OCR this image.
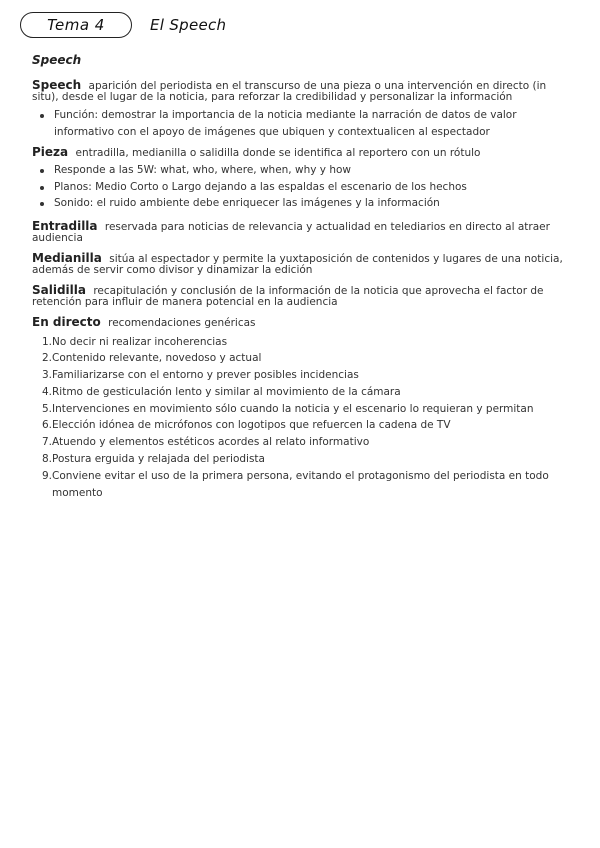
Tema 4	El Speech
Speech

Speech aparición del periodista en el transcurso de una pieza o una intervención en directo (in situ), desde el lugar de la noticia, para reforzar la credibilidad y personalizar la información

Función: demostrar la importancia de la noticia mediante la narración de datos de valor informativo con el apoyo de imágenes que ubiquen y contextualicen al espectador

Pieza entradilla, medianilla o salidilla donde se identifica al reportero con un rótulo

Responde a las 5W: what, who, where, when, why y how
Planos: Medio Corto o Largo dejando a las espaldas el escenario de los hechos
Sonido: el ruido ambiente debe enriquecer las imágenes y la información

Entradilla reservada para noticias de relevancia y actualidad en telediarios en directo al atraer audiencia

Medianilla sitúa al espectador y permite la yuxtaposición de contenidos y lugares de una noticia, además de servir como divisor y dinamizar la edición

Salidilla recapitulación y conclusión de la información de la noticia que aprovecha el factor de retención para influir de manera potencial en la audiencia

En directo recomendaciones genéricas

1. No decir ni realizar incoherencias
2. Contenido relevante, novedoso y actual
3. Familiarizarse con el entorno y prever posibles incidencias
4. Ritmo de gesticulación lento y similar al movimiento de la cámara
5. Intervenciones en movimiento sólo cuando la noticia y el escenario lo requieran y permitan
6. Elección idónea de micrófonos con logotipos que refuercen la cadena de TV
7. Atuendo y elementos estéticos acordes al relato informativo
8. Postura erguida y relajada del periodista
9. Conviene evitar el uso de la primera persona, evitando el protagonismo del periodista en todo momento
